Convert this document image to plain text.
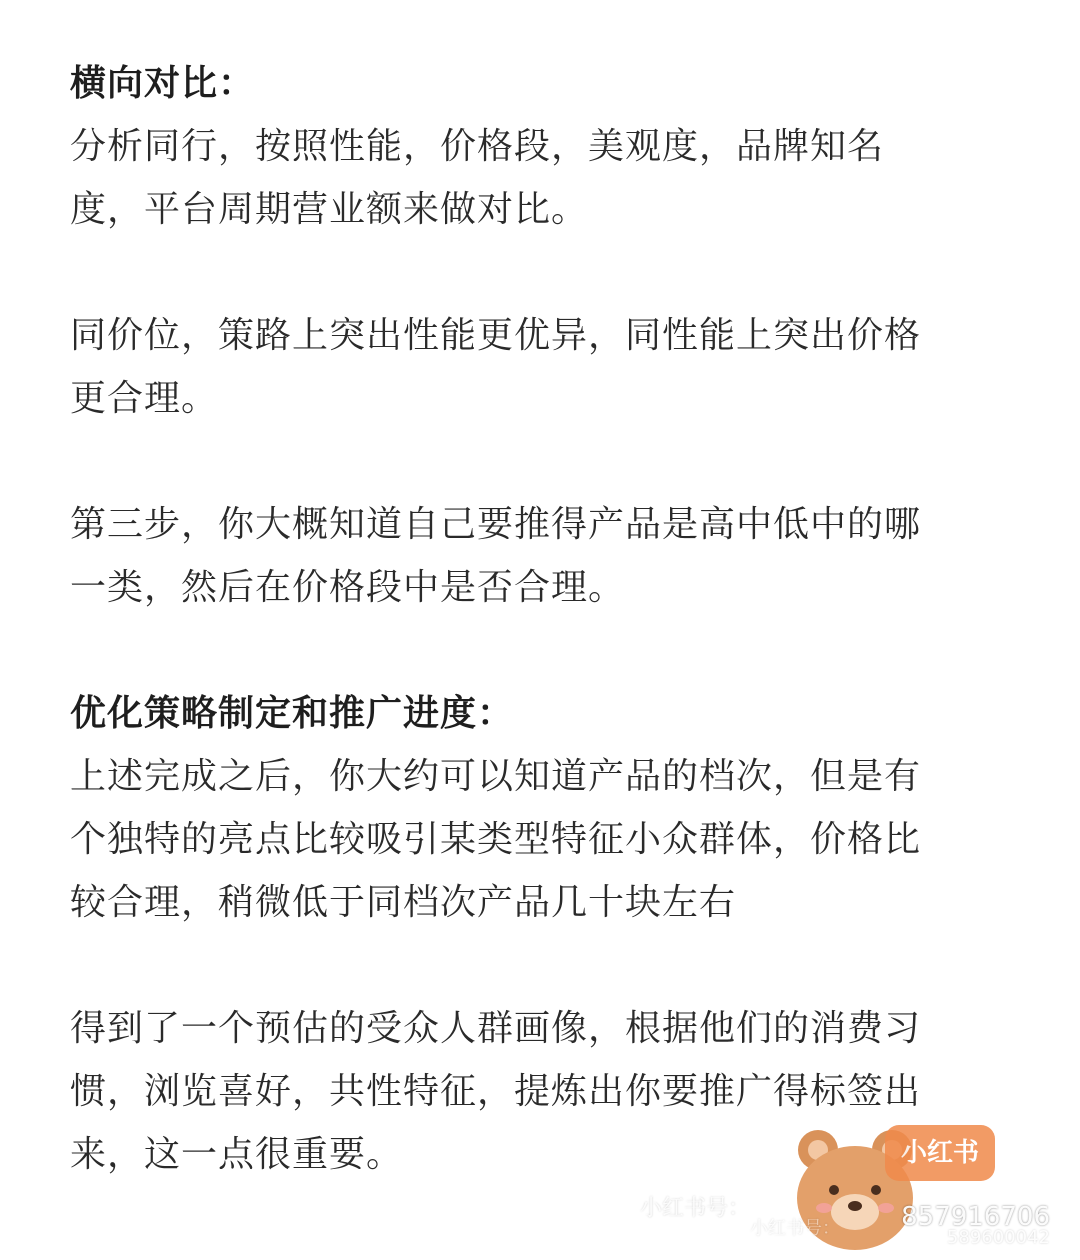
横向对比：
分析同行，按照性能，价格段，美观度，品牌知名
度，平台周期营业额来做对比。
同价位，策路上突出性能更优异，同性能上突出价格
更合理。
第三步，你大概知道自己要推得产品是高中低中的哪
一类，然后在价格段中是否合理。
优化策略制定和推广进度：
上述完成之后，你大约可以知道产品的档次，但是有
个独特的亮点比较吸引某类型特征小众群体，价格比
较合理，稍微低于同档次产品几十块左右
得到了一个预估的受众人群画像，根据他们的消费习
惯，浏览喜好，共性特征，提炼出你要推广得标签出
来，这一点很重要。	小红书
小红书号：
小红书号：	589600042
857916706
